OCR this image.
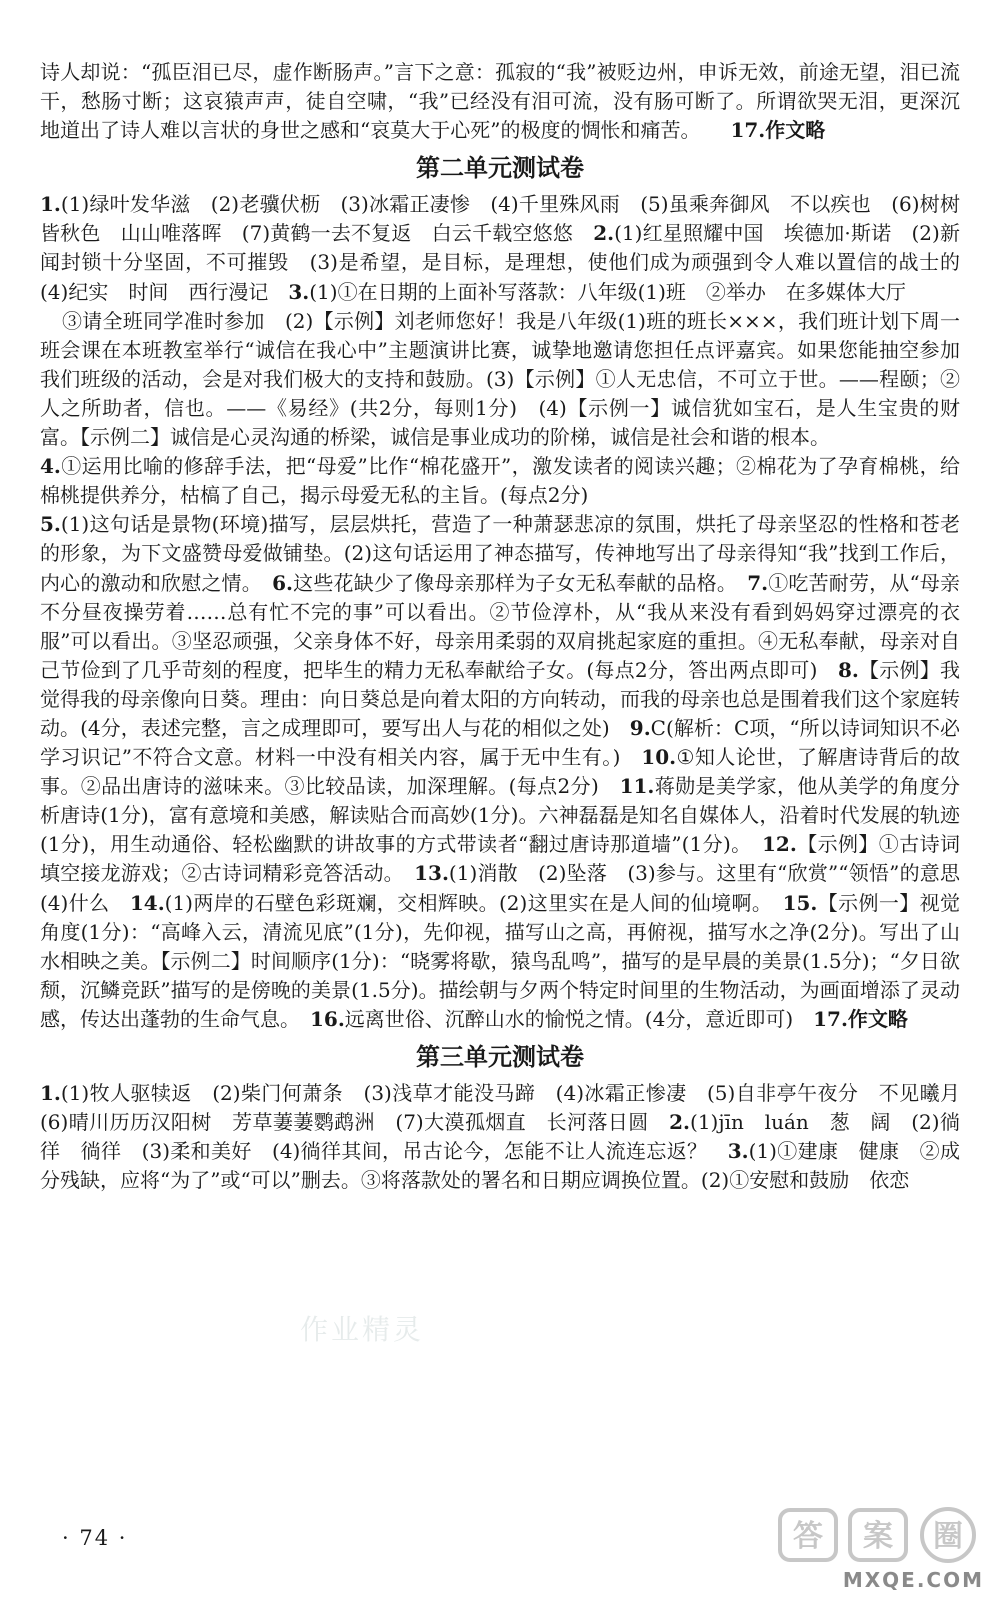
诗人却说：“孤臣泪已尽，虚作断肠声。”言下之意：孤寂的“我”被贬边州，申诉无效，前途无望，泪已流干，愁肠寸断；这哀猿声声，徒自空啸，“我”已经没有泪可流，没有肠可断了。所谓欲哭无泪，更深沉地道出了诗人难以言状的身世之感和“哀莫大于心死”的极度的惆怅和痛苦。　　 17.作文略

第二单元测试卷

1.(1)绿叶发华滋　(2)老骥伏枥　(3)冰霜正凄惨　(4)千里殊风雨　(5)虽乘奔御风　不以疾也　(6)树树皆秋色　山山唯落晖　(7)黄鹤一去不复返　白云千载空悠悠　 2.(1)红星照耀中国　埃德加·斯诺　(2)新闻封锁十分坚固，不可摧毁　(3)是希望，是目标，是理想，使他们成为顽强到令人难以置信的战士的　(4)纪实　时间　西行漫记　 3.(1)①在日期的上面补写落款：八年级(1)班　②举办　在多媒体大厅

③请全班同学准时参加　(2)【示例】刘老师您好！我是八年级(1)班的班长×××，我们班计划下周一班会课在本班教室举行“诚信在我心中”主题演讲比赛，诚挚地邀请您担任点评嘉宾。如果您能抽空参加我们班级的活动，会是对我们极大的支持和鼓励。(3)【示例】①人无忠信，不可立于世。——程颐；②人之所助者，信也。——《易经》(共2分，每则1分)　 (4)【示例一】诚信犹如宝石，是人生宝贵的财富。【示例二】诚信是心灵沟通的桥梁，诚信是事业成功的阶梯，诚信是社会和谐的根本。

4.①运用比喻的修辞手法，把“母爱”比作“棉花盛开”，激发读者的阅读兴趣；②棉花为了孕育棉桃，给棉桃提供养分，枯槁了自己，揭示母爱无私的主旨。(每点2分)

5.(1)这句话是景物(环境)描写，层层烘托，营造了一种萧瑟悲凉的氛围，烘托了母亲坚忍的性格和苍老的形象，为下文盛赞母爱做铺垫。(2)这句话运用了神态描写，传神地写出了母亲得知“我”找到工作后，内心的激动和欣慰之情。　 6.这些花缺少了像母亲那样为子女无私奉献的品格。　 7.①吃苦耐劳，从“母亲不分昼夜操劳着……总有忙不完的事”可以看出。②节俭淳朴，从“我从来没有看到妈妈穿过漂亮的衣服”可以看出。③坚忍顽强，父亲身体不好，母亲用柔弱的双肩挑起家庭的重担。④无私奉献，母亲对自己节俭到了几乎苛刻的程度，把毕生的精力无私奉献给子女。(每点2分，答出两点即可)　 8.【示例】我觉得我的母亲像向日葵。理由：向日葵总是向着太阳的方向转动，而我的母亲也总是围着我们这个家庭转动。(4分，表述完整，言之成理即可，要写出人与花的相似之处)　 9.C(解析：C项，“所以诗词知识不必学习识记”不符合文意。材料一中没有相关内容，属于无中生有。)　 10.①知人论世，了解唐诗背后的故事。②品出唐诗的滋味来。③比较品读，加深理解。(每点2分)　 11.蒋勋是美学家，他从美学的角度分析唐诗(1分)，富有意境和美感，解读贴合而高妙(1分)。六神磊磊是知名自媒体人，沿着时代发展的轨迹(1分)，用生动通俗、轻松幽默的讲故事的方式带读者“翻过唐诗那道墙”(1分)。　 12.【示例】①古诗词填空接龙游戏；②古诗词精彩竞答活动。　 13.(1)消散　(2)坠落　(3)参与。这里有“欣赏”“领悟”的意思　(4)什么　 14.(1)两岸的石壁色彩斑斓，交相辉映。(2)这里实在是人间的仙境啊。　 15.【示例一】视觉角度(1分)：“高峰入云，清流见底”(1分)，先仰视，描写山之高，再俯视，描写水之净(2分)。写出了山水相映之美。【示例二】时间顺序(1分)：“晓雾将歇，猿鸟乱鸣”，描写的是早晨的美景(1.5分)；“夕日欲颓，沉鳞竞跃”描写的是傍晚的美景(1.5分)。描绘朝与夕两个特定时间里的生物活动，为画面增添了灵动感，传达出蓬勃的生命气息。　 16.远离世俗、沉醉山水的愉悦之情。(4分，意近即可)　 17.作文略

第三单元测试卷

1.(1)牧人驱犊返　(2)柴门何萧条　(3)浅草才能没马蹄　(4)冰霜正惨凄　(5)自非亭午夜分　不见曦月　(6)晴川历历汉阳树　芳草萋萋鹦鹉洲　(7)大漠孤烟直　长河落日圆　 2.(1)jīn　luán　葱　阔　(2)徜徉　徜徉　(3)柔和美好　(4)徜徉其间，吊古论今，怎能不让人流连忘返？　 3.(1)①建康　健康　②成分残缺，应将“为了”或“可以”删去。③将落款处的署名和日期应调换位置。(2)①安慰和鼓励　依恋

· 74 ·
作业精灵
答 案 圈
MXQE.COM
